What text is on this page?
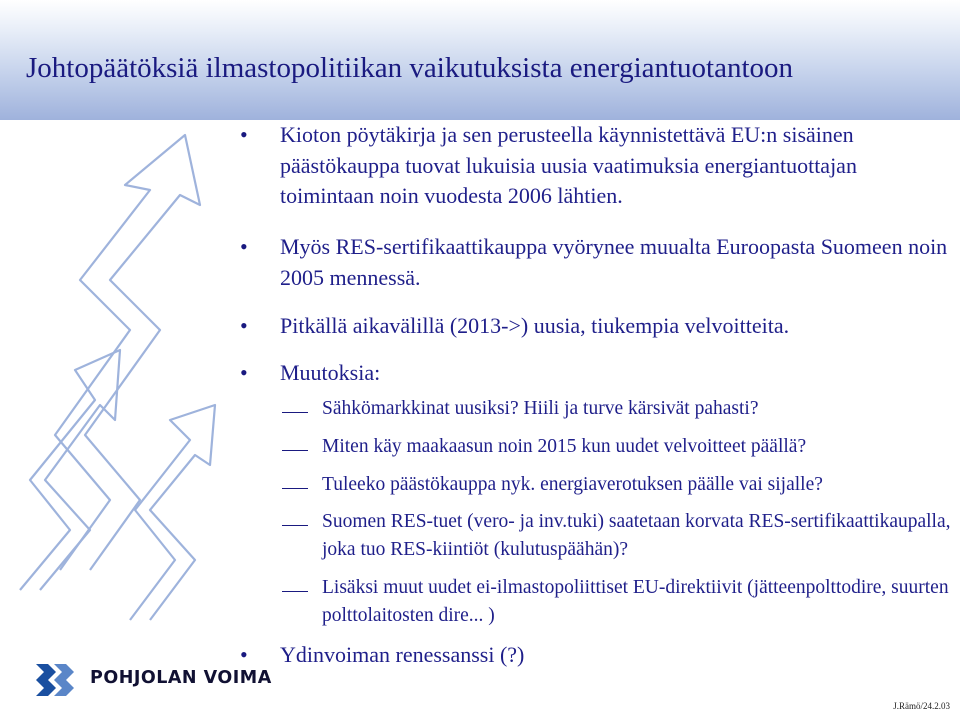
Johtopäätöksiä ilmastopolitiikan vaikutuksista energiantuotantoon
•	Kioton pöytäkirja ja sen perusteella käynnistettävä EU:n sisäinen päästökauppa tuovat lukuisia uusia vaatimuksia energiantuottajan toimintaan noin vuodesta 2006 lähtien.
•	Myös RES-sertifikaattikauppa vyörynee muualta Euroopasta Suomeen noin 2005 mennessä.
•	Pitkällä aikavälillä (2013->) uusia, tiukempia velvoitteita.
•	Muutoksia:
Sähkömarkkinat uusiksi? Hiili ja turve kärsivät pahasti?
Miten käy maakaasun noin 2015 kun uudet velvoitteet päällä?
Tuleeko päästökauppa nyk. energiaverotuksen päälle vai sijalle?
Suomen RES-tuet (vero- ja inv.tuki) saatetaan korvata RES-sertifikaattikaupalla, joka tuo RES-kiintiöt (kulutuspäähän)?
Lisäksi muut uudet ei-ilmastopoliittiset EU-direktiivit (jätteenpolttodire, suurten polttolaitosten dire... )
•	Ydinvoiman renessanssi (?)
POHJOLAN VOIMA
J.Rämö/24.2.03
